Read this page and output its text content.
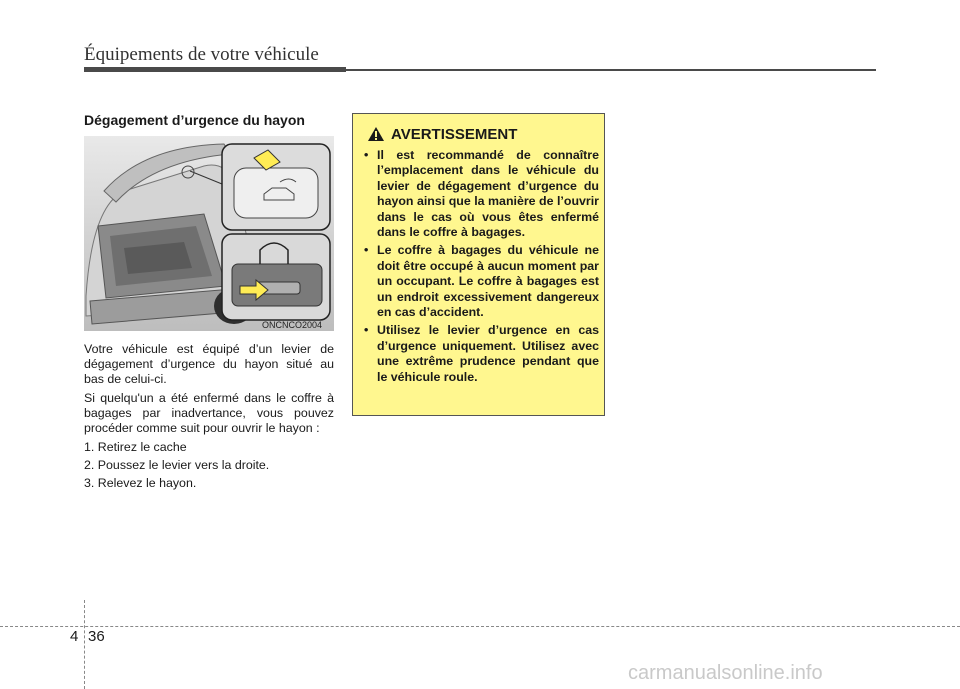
Équipements de votre véhicule
Dégagement d’urgence du hayon
ONCNCO2004

Votre véhicule est équipé d’un levier de dégagement d’urgence du hayon situé au bas de celui-ci.

Si quelqu'un a été enfermé dans le coffre à bagages par inadvertance, vous pouvez procéder comme suit pour ouvrir le hayon :

1. Retirez le cache
2. Poussez le levier vers la droite.
3. Relevez le hayon.
AVERTISSEMENT
• Il est recommandé de connaître l’emplacement dans le véhicule du levier de dégagement d’urgence du hayon ainsi que la manière de l’ouvrir dans le cas où vous êtes enfermé dans le coffre à bagages.
• Le coffre à bagages du véhicule ne doit être occupé à aucun moment par un occupant. Le coffre à bagages est un endroit excessivement dangereux en cas d’accident.
• Utilisez le levier d’urgence en cas d’urgence uniquement. Utilisez avec une extrême prudence pendant que le véhicule roule.
4 36
carmanualsonline.info
